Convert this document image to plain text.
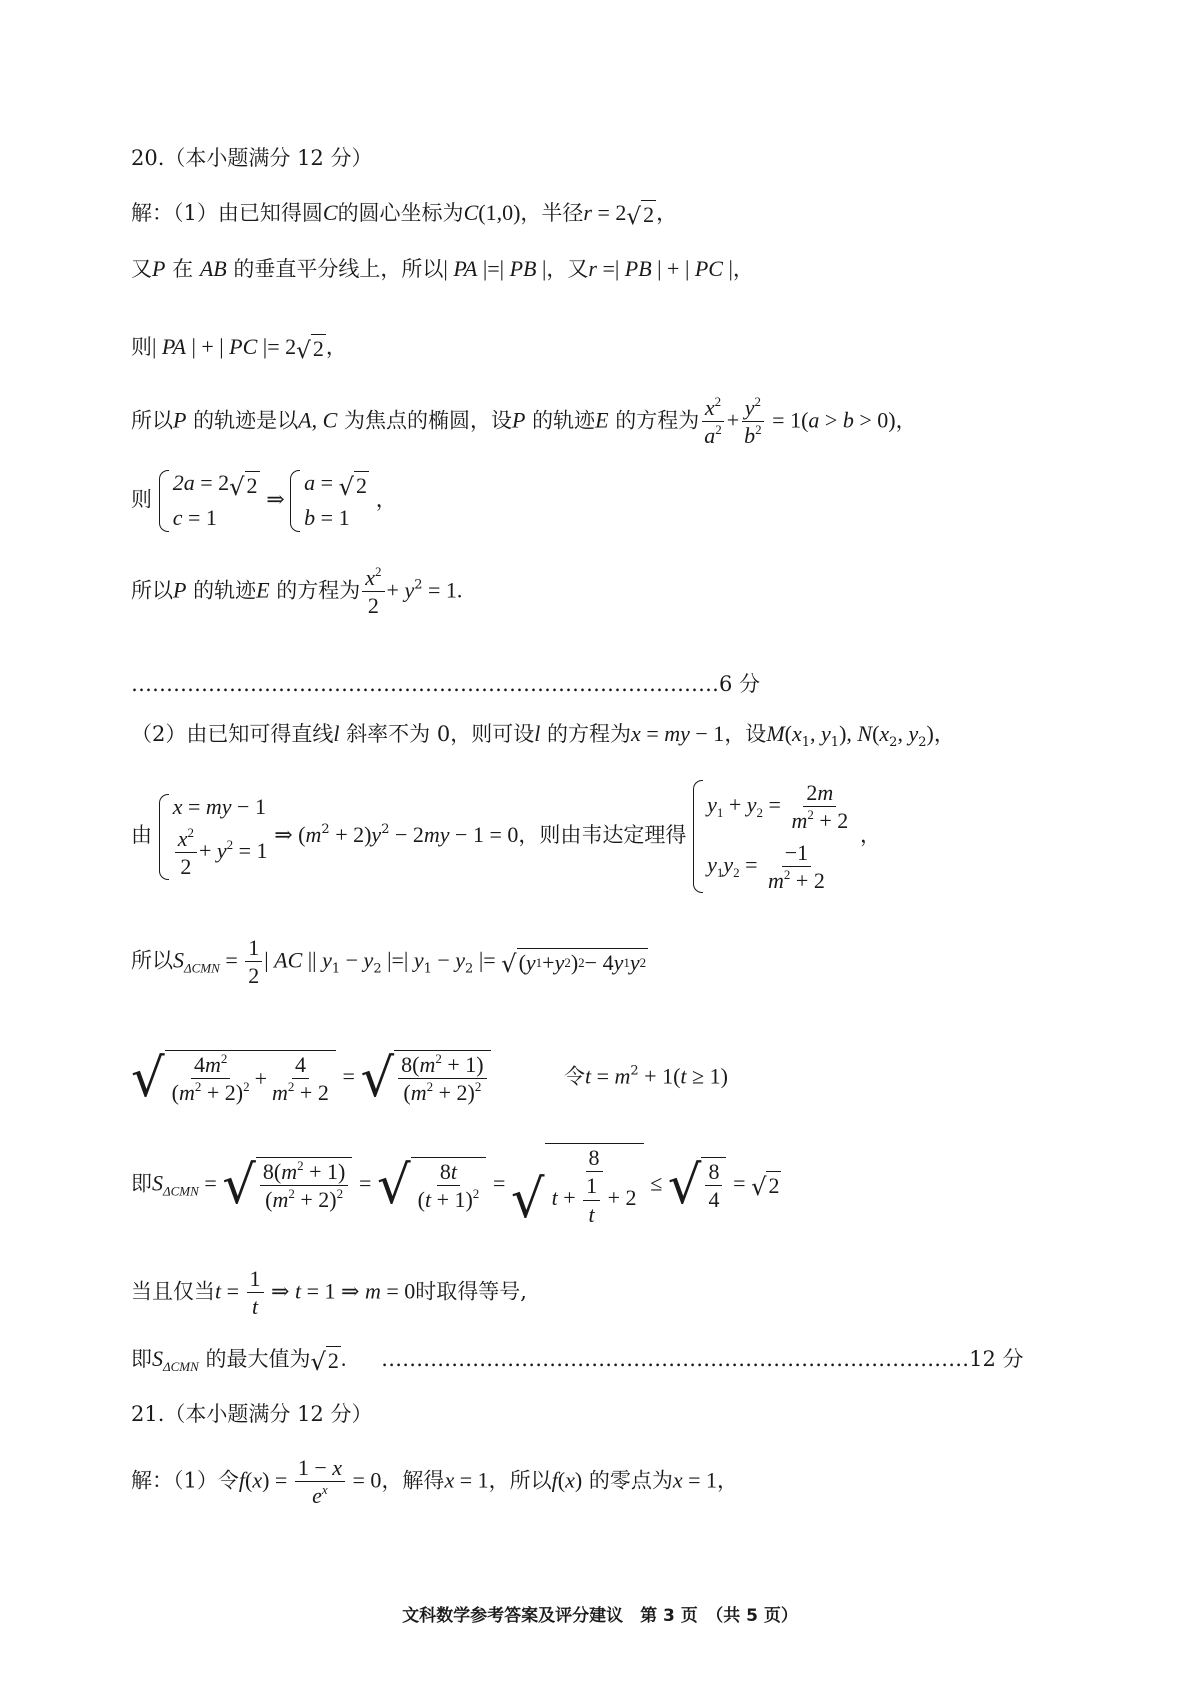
20.（本小题满分 12 分）
解：（1）由已知得圆C的圆心坐标为C(1,0)，半径r = 2 √ 2 ，
又P 在 AB 的垂直平分线上，所以| PA |=| PB |，又r =| PB | + | PC |，
则| PA | + | PC |= 2 √ 2 ，
所以P 的轨迹是以A, C 为焦点的椭圆，设P 的轨迹E 的方程为 $\frac{x^2}{a^2} + \frac{y^2}{b^2} = 1(a > b > 0)$，
则
2a = 2 √ 2
c = 1
⇒
a = √ 2
b = 1
，
所以P 的轨迹E 的方程为 $\frac{x^2}{2} + y^2 = 1$.
…………………………………………………………………………6 分
（2）由已知可得直线l 斜率不为 0，则可设l 的方程为x = my − 1，设$M(x_1$, $y_1$), $N(x_2$, $y_2$)，
由
x = my − 1
$\frac{x^2}{2} + y^2 = 1$
⇒ $(m^2 + 2)y^2 - 2my - 1 = 0$，则由韦达定理得
$y_1 + y_2 = \frac{2m}{m^2 + 2}$
$y_1y_2 = \frac{-1}{m^2 + 2}$
，
所以$S_{\Delta CMN} = \frac{1}{2}$ | AC || $y_1 - y_2$ |=| $y_1 - y_2$ |= √ ( y 1 + y 2 ) 2 − 4 y 1 y 2
√ $\frac{4m^2}{(m^2 + 2)^2} + \frac{4}{m^2 + 2}$ = √ $\frac{8(m^2 + 1)}{(m^2 + 2)^2}$	令$t = m^2 + 1(t \ge 1)$
即$S_{\Delta CMN}$ = √ $\frac{8(m^2 + 1)}{(m^2 + 2)^2}$ = √ $\frac{8t}{(t + 1)^2}$ = √ $\frac{8}{t + \frac{1}{t} + 2}$ ≤ √ $\frac{8}{4}$ = √ 2
当且仅当$t = \frac{1}{t}$ ⇒ t = 1 ⇒ m = 0时取得等号,
即$S_{\Delta CMN}$ 的最大值为 √ 2 . …………………………………………………………………………12 分
21.（本小题满分 12 分）
解：（1）令$f(x) = \frac{1 - x}{e^x} = 0$，解得x = 1，所以f(x) 的零点为x = 1，
文科数学参考答案及评分建议　第 3 页　（共 5 页）
